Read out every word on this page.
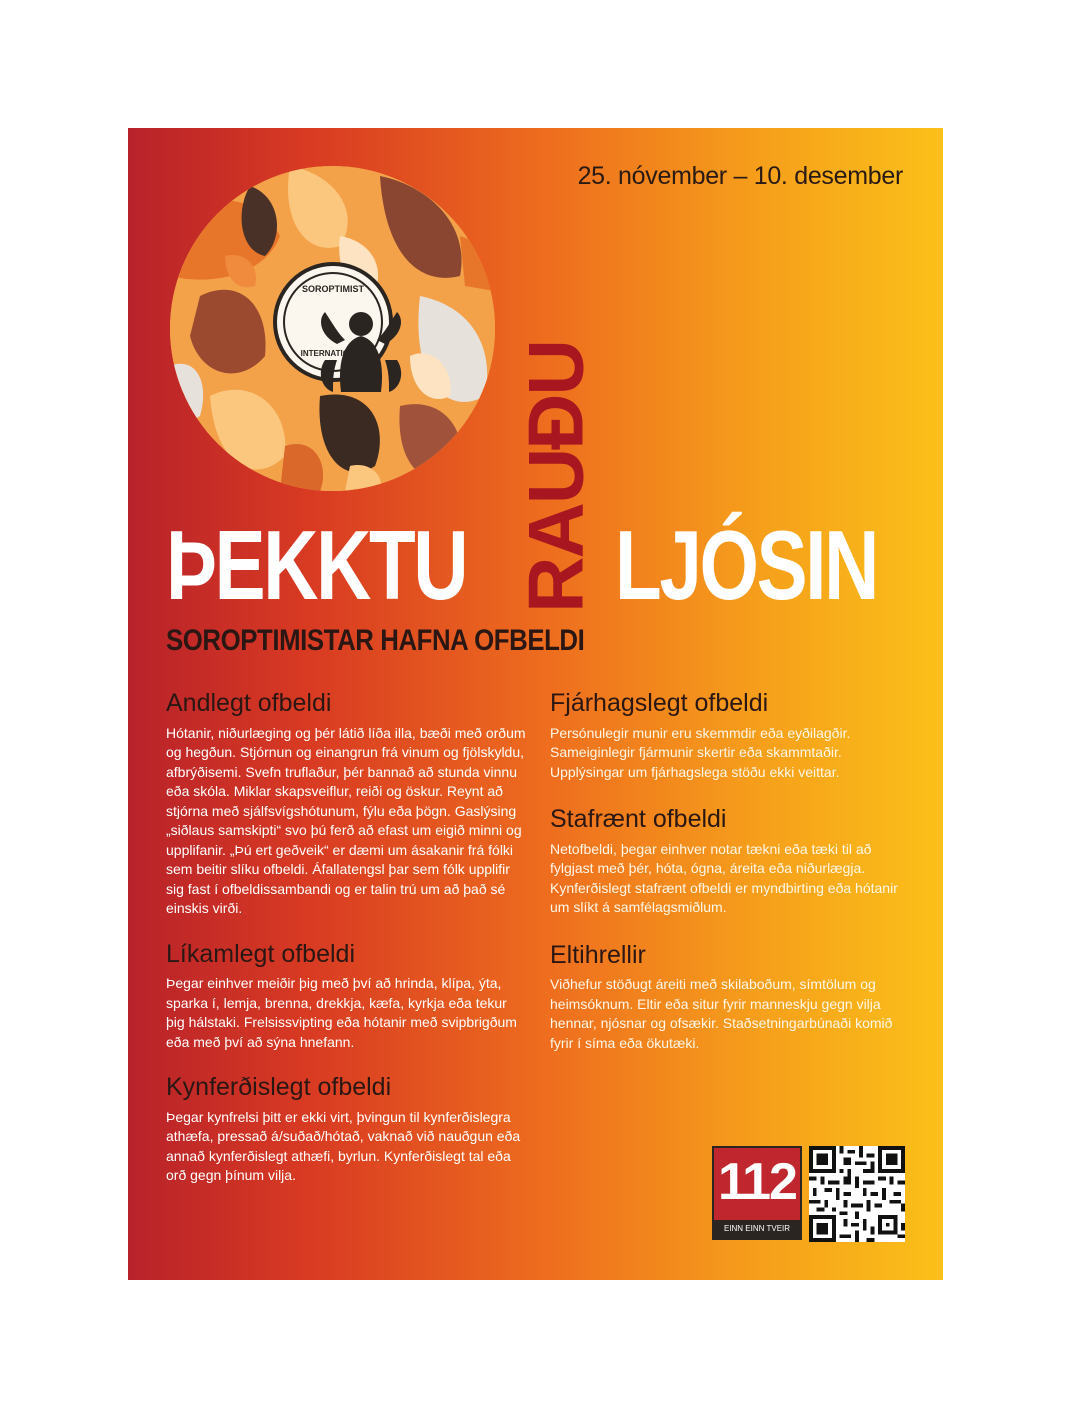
25. nóvember – 10. desember
SOROPTIMIST
INTERNATIONAL RAUÐU
ÞEKKTU LJÓSIN
SOROPTIMISTAR HAFNA OFBELDI
Andlegt ofbeldi

Hótanir, niðurlæging og þér látið líða illa, bæði með orðum og hegðun. Stjórnun og einangrun frá vinum og fjölskyldu, afbrýðisemi. Svefn truflaður, þér bannað að stunda vinnu eða skóla. Miklar skapsveiflur, reiði og öskur. Reynt að stjórna með sjálfsvígshótunum, fýlu eða þögn. Gaslýsing „siðlaus samskipti“ svo þú ferð að efast um eigið minni og upplifanir. „Þú ert geðveik“ er dæmi um ásakanir frá fólki sem beitir slíku ofbeldi. Áfallatengsl þar sem fólk upplifir sig fast í ofbeldissambandi og er talin trú um að það sé einskis virði.

Líkamlegt ofbeldi

Þegar einhver meiðir þig með því að hrinda, klípa, ýta, sparka í, lemja, brenna, drekkja, kæfa, kyrkja eða tekur þig hálstaki. Frelsissvipting eða hótanir með svipbrigðum eða með því að sýna hnefann.

Kynferðislegt ofbeldi

Þegar kynfrelsi þitt er ekki virt, þvingun til kynferðislegra athæfa, pressað á/suðað/hótað, vaknað við nauðgun eða annað kynferðislegt athæfi, byrlun. Kynferðislegt tal eða orð gegn þínum vilja.

Fjárhagslegt ofbeldi

Persónulegir munir eru skemmdir eða eyðilagðir. Sameiginlegir fjármunir skertir eða skammtaðir. Upplýsingar um fjárhagslega stöðu ekki veittar.

Stafrænt ofbeldi

Netofbeldi, þegar einhver notar tækni eða tæki til að fylgjast með þér, hóta, ógna, áreita eða niðurlægja. Kynferðislegt stafrænt ofbeldi er myndbirting eða hótanir um slíkt á samfélagsmiðlum.

Eltihrellir

Viðhefur stöðugt áreiti með skilaboðum, símtölum og heimsóknum. Eltir eða situr fyrir manneskju gegn vilja hennar, njósnar og ofsækir. Staðsetningarbúnaði komið fyrir í síma eða ökutæki.

112
EINN EINN TVEIR
